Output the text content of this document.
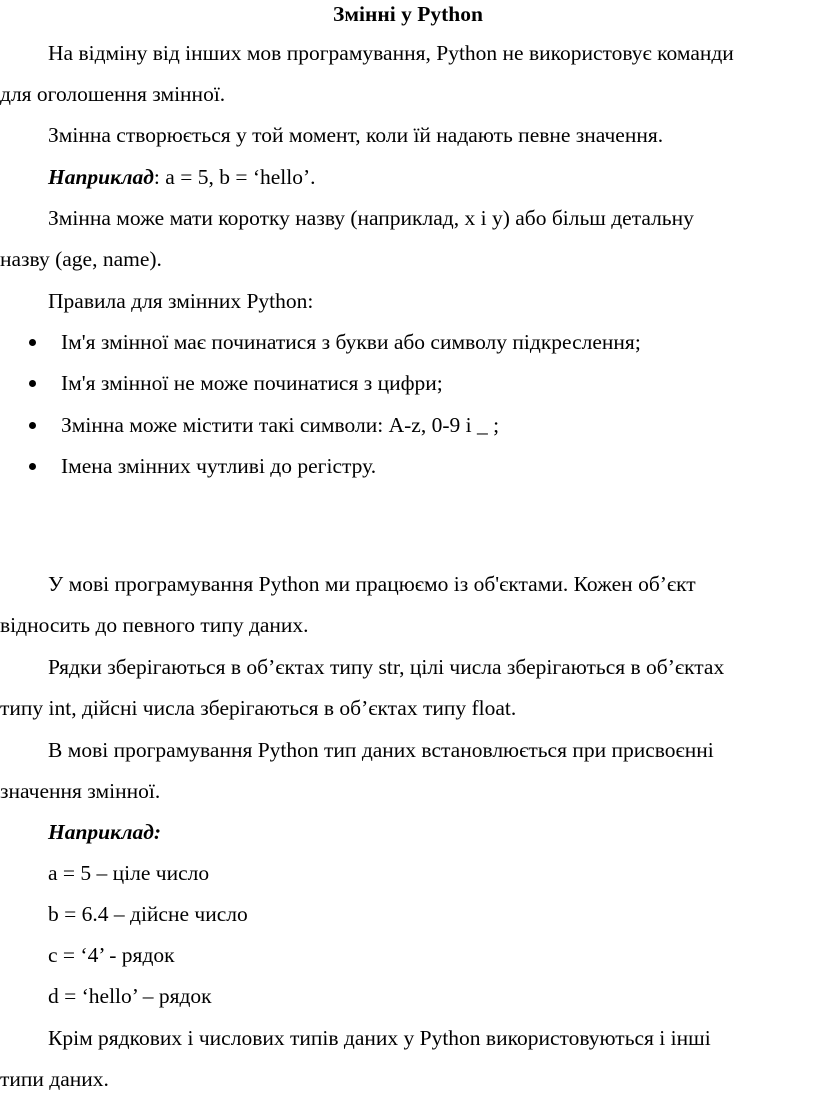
Змінні у Python
На відміну від інших мов програмування, Python не використовує команди
для оголошення змінної.
Змінна створюється у той момент, коли їй надають певне значення.
Наприклад: a = 5, b = ‘hello’.
Змінна може мати коротку назву (наприклад, x і y) або більш детальну
назву (age, name).
Правила для змінних Python:
Ім'я змінної має починатися з букви або символу підкреслення;
Ім'я змінної не може починатися з цифри;
Змінна може містити такі символи: A-z, 0-9 і _ ;
Імена змінних чутливі до регістру.
У мові програмування Python ми працюємо із об'єктами. Кожен об’єкт
відносить до певного типу даних.
Рядки зберігаються в об’єктах типу str, цілі числа зберігаються в об’єктах
типу int, дійсні числа зберігаються в об’єктах типу float.
В мові програмування Python тип даних встановлюється при присвоєнні
значення змінної.
Наприклад:
a = 5 – ціле число
b = 6.4 – дійсне число
c = ‘4’ - рядок
d = ‘hello’ – рядок
Крім рядкових і числових типів даних у Python використовуються і інші
типи даних.
